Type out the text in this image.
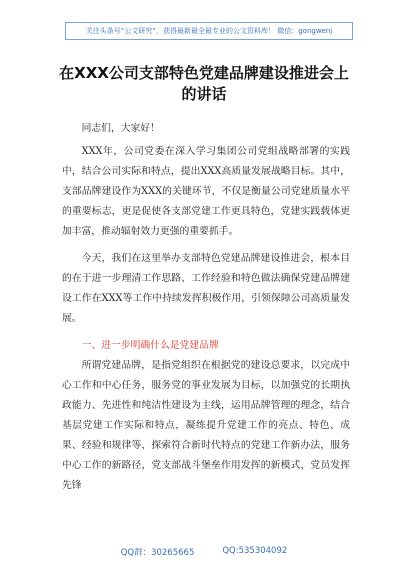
关注头条号“公文研究”，获得最新最全最专业的公文资料库！ 微信：gongwenj
在XXX公司支部特色党建品牌建设推进会上的讲话

同志们，大家好！

XXX年，公司党委在深入学习集团公司党组战略部署的实践中，结合公司实际和特点，提出XXX高质量发展战略目标。其中，支部品牌建设作为XXX的关键环节，不仅是衡量公司党建质量水平的重要标志，更是促使各支部党建工作更具特色，党建实践载体更加丰富，推动辐射效力更强的重要抓手。

今天，我们在这里举办支部特色党建品牌建设推进会，根本目的在于进一步理清工作思路、工作经验和特色做法确保党建品牌建设工作在XXX等工作中持续发挥积极作用，引领保障公司高质量发展。

一、进一步明确什么是党建品牌

所谓党建品牌，是指党组织在根据党的建设总要求，以完成中心工作和中心任务，服务党的事业发展为目标，以加强党的长期执政能力、先进性和纯洁性建设为主线，运用品牌管理的理念，结合基层党建工作实际和特点，凝练提升党建工作的亮点、特色、成果、经验和规律等，探索符合新时代特点的党建工作新办法，服务中心工作的新路径，党支部战斗堡垒作用发挥的新模式，党员发挥先锋

QQ群：30265665	QQ:535304092
